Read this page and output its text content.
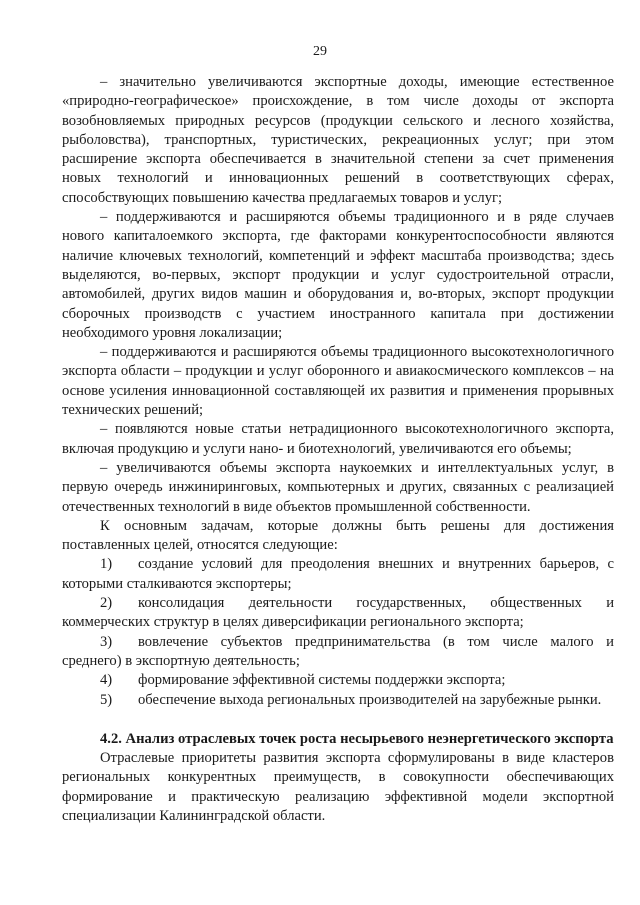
29

– значительно увеличиваются экспортные доходы, имеющие естественное «природно-географическое» происхождение, в том числе доходы от экспорта возобновляемых природных ресурсов (продукции сельского и лесного хозяйства, рыболовства), транспортных, туристических, рекреационных услуг; при этом расширение экспорта обеспечивается в значительной степени за счет применения новых технологий и инновационных решений в соответствующих сферах, способствующих повышению качества предлагаемых товаров и услуг;

– поддерживаются и расширяются объемы традиционного и в ряде случаев нового капиталоемкого экспорта, где факторами конкурентоспособности являются наличие ключевых технологий, компетенций и эффект масштаба производства; здесь выделяются, во-первых, экспорт продукции и услуг судостроительной отрасли, автомобилей, других видов машин и оборудования и, во-вторых, экспорт продукции сборочных производств с участием иностранного капитала при достижении необходимого уровня локализации;

– поддерживаются и расширяются объемы традиционного высокотехнологичного экспорта области – продукции и услуг оборонного и авиакосмического комплексов – на основе усиления инновационной составляющей их развития и применения прорывных технических решений;

– появляются новые статьи нетрадиционного высокотехнологичного экспорта, включая продукцию и услуги нано- и биотехнологий, увеличиваются его объемы;

– увеличиваются объемы экспорта наукоемких и интеллектуальных услуг, в первую очередь инжиниринговых, компьютерных и других, связанных с реализацией отечественных технологий в виде объектов промышленной собственности.

К основным задачам, которые должны быть решены для достижения поставленных целей, относятся следующие:

1) создание условий для преодоления внешних и внутренних барьеров, с которыми сталкиваются экспортеры;

2) консолидация деятельности государственных, общественных и коммерческих структур в целях диверсификации регионального экспорта;

3) вовлечение субъектов предпринимательства (в том числе малого и среднего) в экспортную деятельность;

4) формирование эффективной системы поддержки экспорта;

5) обеспечение выхода региональных производителей на зарубежные рынки.

4.2. Анализ отраслевых точек роста несырьевого неэнергетического экспорта

Отраслевые приоритеты развития экспорта сформулированы в виде кластеров региональных конкурентных преимуществ, в совокупности обеспечивающих формирование и практическую реализацию эффективной модели экспортной специализации Калининградской области.
